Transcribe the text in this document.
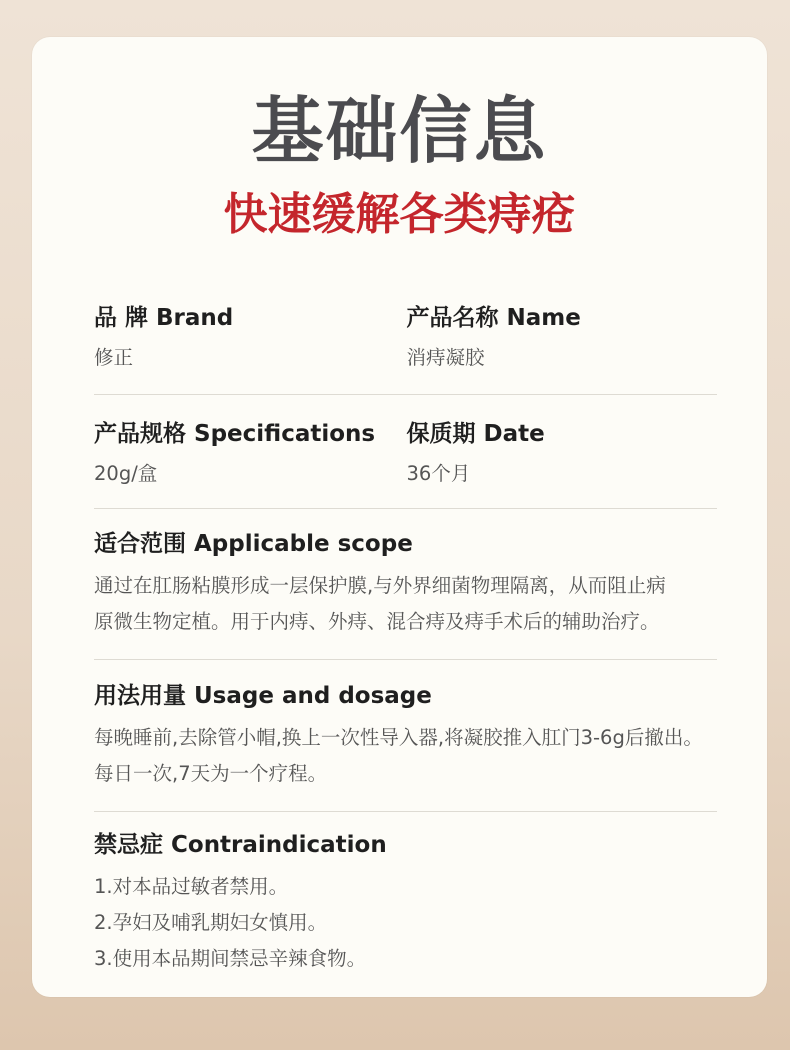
基础信息
快速缓解各类痔疮
品 牌 Brand
修正
产品名称 Name
消痔凝胶
产品规格 Specifications
20g/盒
保质期 Date
36个月
适合范围 Applicable scope
通过在肛肠粘膜形成一层保护膜,与外界细菌物理隔离，从而阻止病
原微生物定植。用于内痔、外痔、混合痔及痔手术后的辅助治疗。
用法用量 Usage and dosage
每晚睡前,去除管小帽,换上一次性导入器,将凝胶推入肛门3-6g后撤出。
每日一次,7天为一个疗程。
禁忌症 Contraindication
1.对本品过敏者禁用。
2.孕妇及哺乳期妇女慎用。
3.使用本品期间禁忌辛辣食物。
